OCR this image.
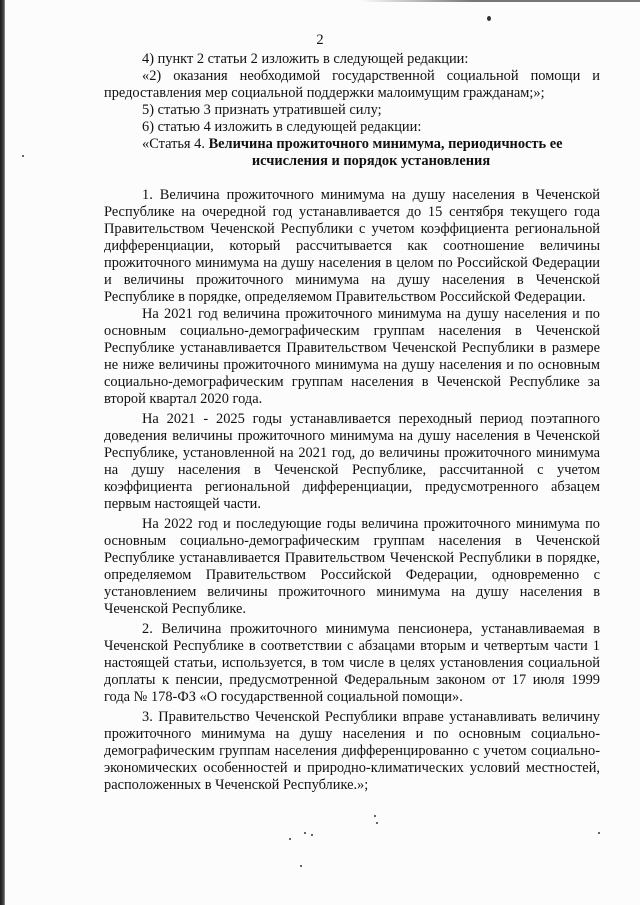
2

4) пункт 2 статьи 2 изложить в следующей редакции:

«2) оказания необходимой государственной социальной помощи и предоставления мер социальной поддержки малоимущим гражданам;»;

5) статью 3 признать утратившей силу;

6) статью 4 изложить в следующей редакции:

«Статья 4. Величина прожиточного минимума, периодичность ее

исчисления и порядок установления

1. Величина прожиточного минимума на душу населения в Чеченской Республике на очередной год устанавливается до 15 сентября текущего года Правительством Чеченской Республики с учетом коэффициента региональной дифференциации, который рассчитывается как соотношение величины прожиточного минимума на душу населения в целом по Российской Федерации и величины прожиточного минимума на душу населения в Чеченской Республике в порядке, определяемом Правительством Российской Федерации.

На 2021 год величина прожиточного минимума на душу населения и по основным социально-демографическим группам населения в Чеченской Республике устанавливается Правительством Чеченской Республики в размере не ниже величины прожиточного минимума на душу населения и по основным социально-демографическим группам населения в Чеченской Республике за второй квартал 2020 года.

На 2021 - 2025 годы устанавливается переходный период поэтапного доведения величины прожиточного минимума на душу населения в Чеченской Республике, установленной на 2021 год, до величины прожиточного минимума на душу населения в Чеченской Республике, рассчитанной с учетом коэффициента региональной дифференциации, предусмотренного абзацем первым настоящей части.

На 2022 год и последующие годы величина прожиточного минимума по основным социально-демографическим группам населения в Чеченской Республике устанавливается Правительством Чеченской Республики в порядке, определяемом Правительством Российской Федерации, одновременно с установлением величины прожиточного минимума на душу населения в Чеченской Республике.

2. Величина прожиточного минимума пенсионера, устанавливаемая в Чеченской Республике в соответствии с абзацами вторым и четвертым части 1 настоящей статьи, используется, в том числе в целях установления социальной доплаты к пенсии, предусмотренной Федеральным законом от 17 июля 1999 года № 178-ФЗ «О государственной социальной помощи».

3. Правительство Чеченской Республики вправе устанавливать величину прожиточного минимума на душу населения и по основным социально-демографическим группам населения дифференцированно с учетом социально-экономических особенностей и природно-климатических условий местностей, расположенных в Чеченской Республике.»;
